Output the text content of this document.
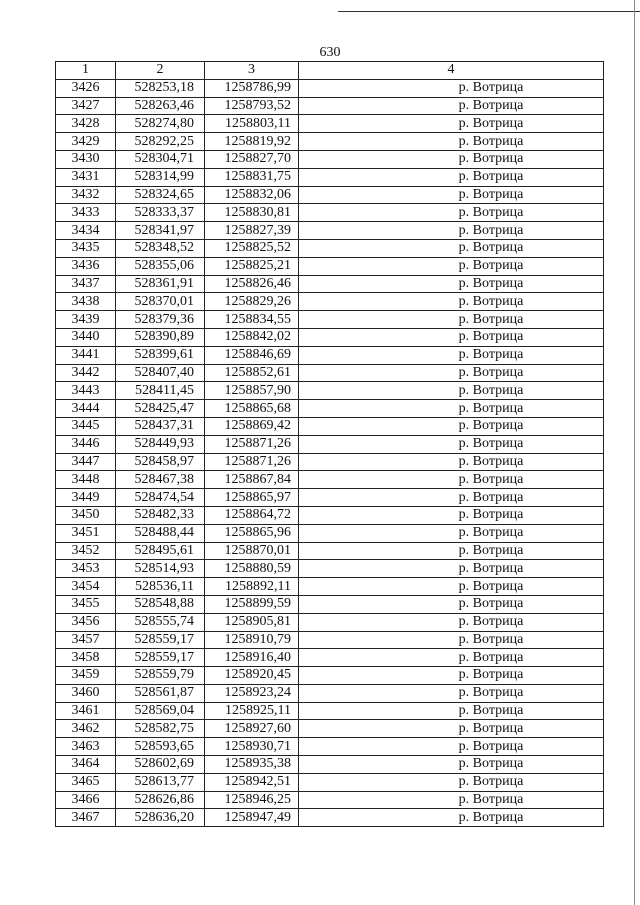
630
1	2	3	4
3426	528253,18	1258786,99	р. Вотрица
3427	528263,46	1258793,52	р. Вотрица
3428	528274,80	1258803,11	р. Вотрица
3429	528292,25	1258819,92	р. Вотрица
3430	528304,71	1258827,70	р. Вотрица
3431	528314,99	1258831,75	р. Вотрица
3432	528324,65	1258832,06	р. Вотрица
3433	528333,37	1258830,81	р. Вотрица
3434	528341,97	1258827,39	р. Вотрица
3435	528348,52	1258825,52	р. Вотрица
3436	528355,06	1258825,21	р. Вотрица
3437	528361,91	1258826,46	р. Вотрица
3438	528370,01	1258829,26	р. Вотрица
3439	528379,36	1258834,55	р. Вотрица
3440	528390,89	1258842,02	р. Вотрица
3441	528399,61	1258846,69	р. Вотрица
3442	528407,40	1258852,61	р. Вотрица
3443	528411,45	1258857,90	р. Вотрица
3444	528425,47	1258865,68	р. Вотрица
3445	528437,31	1258869,42	р. Вотрица
3446	528449,93	1258871,26	р. Вотрица
3447	528458,97	1258871,26	р. Вотрица
3448	528467,38	1258867,84	р. Вотрица
3449	528474,54	1258865,97	р. Вотрица
3450	528482,33	1258864,72	р. Вотрица
3451	528488,44	1258865,96	р. Вотрица
3452	528495,61	1258870,01	р. Вотрица
3453	528514,93	1258880,59	р. Вотрица
3454	528536,11	1258892,11	р. Вотрица
3455	528548,88	1258899,59	р. Вотрица
3456	528555,74	1258905,81	р. Вотрица
3457	528559,17	1258910,79	р. Вотрица
3458	528559,17	1258916,40	р. Вотрица
3459	528559,79	1258920,45	р. Вотрица
3460	528561,87	1258923,24	р. Вотрица
3461	528569,04	1258925,11	р. Вотрица
3462	528582,75	1258927,60	р. Вотрица
3463	528593,65	1258930,71	р. Вотрица
3464	528602,69	1258935,38	р. Вотрица
3465	528613,77	1258942,51	р. Вотрица
3466	528626,86	1258946,25	р. Вотрица
3467	528636,20	1258947,49	р. Вотрица
